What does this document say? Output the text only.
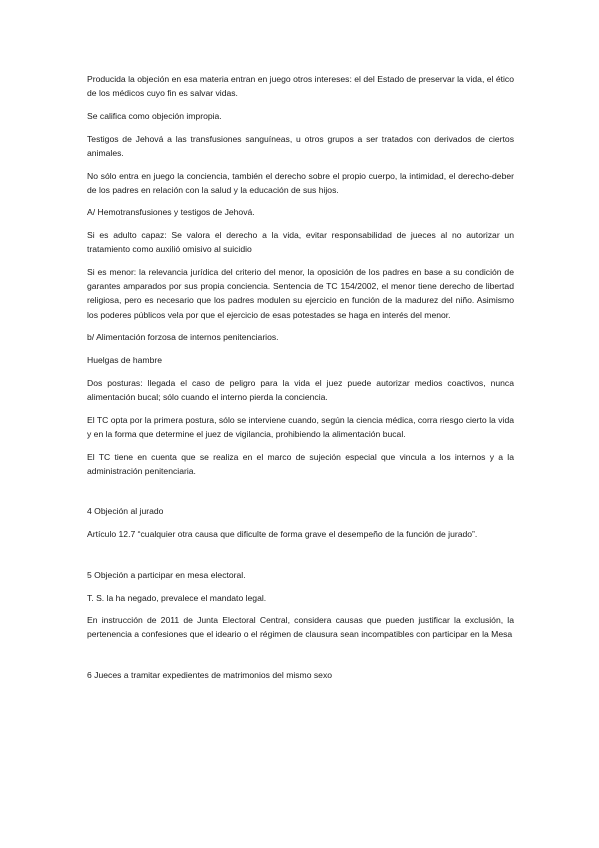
Producida la objeción en esa materia entran en juego otros intereses: el del Estado de preservar la vida, el ético de los médicos cuyo fin es salvar vidas.

Se califica como objeción impropia.

Testigos de Jehová a las transfusiones sanguíneas, u otros grupos a ser tratados con derivados de ciertos animales.

No sólo entra en juego la conciencia, también el derecho sobre el propio cuerpo, la intimidad, el derecho-deber de los padres en relación con la salud y la educación de sus hijos.

A/ Hemotransfusiones y testigos de Jehová.

Si es adulto capaz: Se valora el derecho a la vida, evitar responsabilidad de jueces al no autorizar un tratamiento como auxilió omisivo al suicidio

Si es menor: la relevancia jurídica del criterio del menor, la oposición de los padres en base a su condición de garantes amparados por sus propia conciencia. Sentencia de TC 154/2002, el menor tiene derecho de libertad religiosa, pero es necesario que los padres modulen su ejercicio en función de la madurez del niño. Asimismo los poderes públicos vela por que el ejercicio de esas potestades se haga en interés del menor.

b/ Alimentación forzosa de internos penitenciarios.

Huelgas de hambre

Dos posturas: llegada el caso de peligro para la vida el juez puede autorizar medios coactivos, nunca alimentación bucal; sólo cuando el interno pierda la conciencia.

El TC opta por la primera postura, sólo se interviene cuando, según la ciencia médica, corra riesgo cierto la vida y en la forma que determine el juez de vigilancia, prohibiendo la alimentación bucal.

El TC tiene en cuenta que se realiza en el marco de sujeción especial que vincula a los internos y a la administración penitenciaria.

4 Objeción al jurado

Artículo 12.7 “cualquier otra causa que dificulte de forma grave el desempeño de la función de jurado”.

5 Objeción a participar en mesa electoral.

T. S. la ha negado, prevalece el mandato legal.

En instrucción de 2011 de Junta Electoral Central, considera causas que pueden justificar la exclusión, la pertenencia a confesiones que el ideario o el régimen de clausura sean incompatibles con participar en la Mesa

6 Jueces a tramitar expedientes de matrimonios del mismo sexo
